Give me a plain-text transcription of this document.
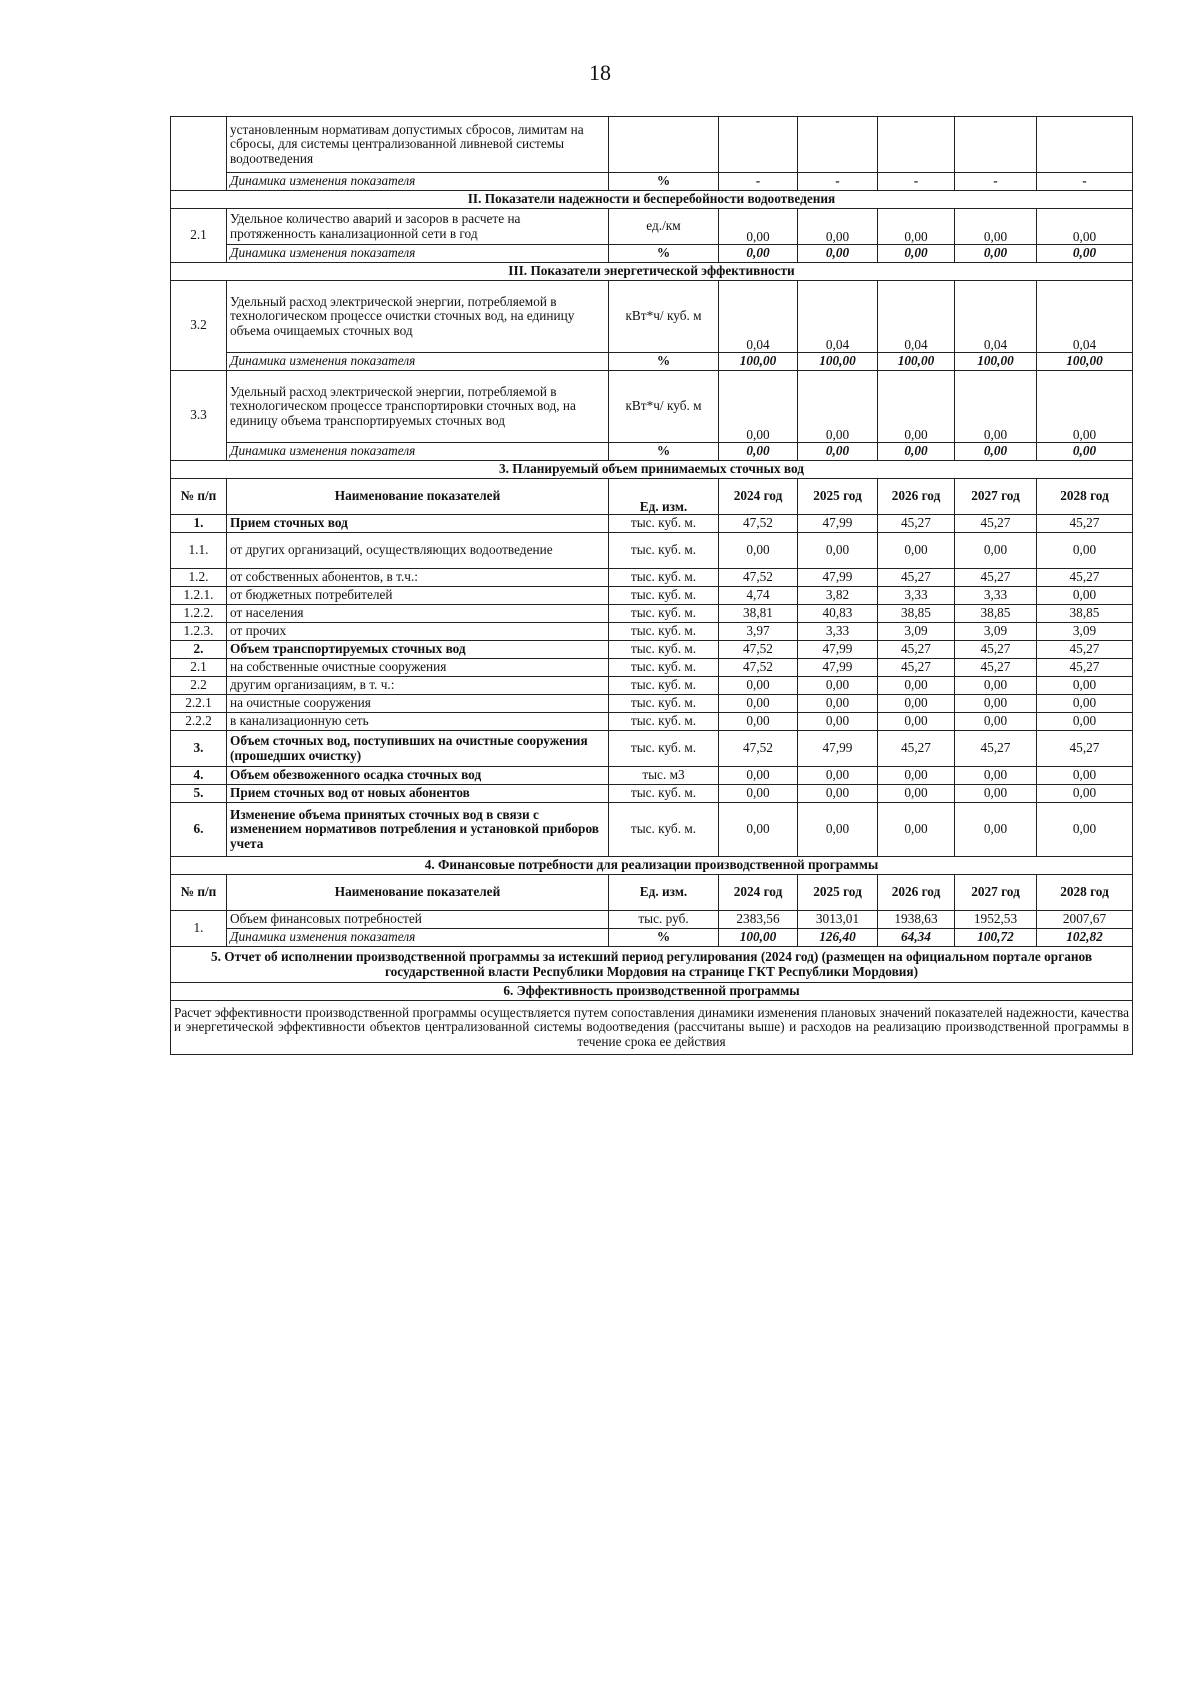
18
	установленным нормативам допустимых сбросов, лимитам на сбросы, для системы централизованной ливневой системы водоотведения						
	Динамика изменения показателя	%	-	-	-	-	-
II. Показатели надежности и бесперебойности водоотведения							
2.1	Удельное количество аварий и засоров в расчете на протяженность канализационной сети в год	ед./км	0,00	0,00	0,00	0,00	0,00
	Динамика изменения показателя	%	0,00	0,00	0,00	0,00	0,00
III. Показатели энергетической эффективности							
3.2	Удельный расход электрической энергии, потребляемой в технологическом процессе очистки сточных вод, на единицу объема очищаемых сточных вод	кВт*ч/ куб. м	0,04	0,04	0,04	0,04	0,04
	Динамика изменения показателя	%	100,00	100,00	100,00	100,00	100,00
3.3	Удельный расход электрической энергии, потребляемой в технологическом процессе транспортировки сточных вод, на единицу объема транспортируемых сточных вод	кВт*ч/ куб. м	0,00	0,00	0,00	0,00	0,00
	Динамика изменения показателя	%	0,00	0,00	0,00	0,00	0,00
3. Планируемый объем принимаемых сточных вод							
№ п/п	Наименование показателей	Ед. изм.	2024 год	2025 год	2026 год	2027 год	2028 год
1.	Прием сточных вод	тыс. куб. м.	47,52	47,99	45,27	45,27	45,27
1.1.	от других организаций, осуществляющих водоотведение	тыс. куб. м.	0,00	0,00	0,00	0,00	0,00
1.2.	от собственных абонентов, в т.ч.:	тыс. куб. м.	47,52	47,99	45,27	45,27	45,27
1.2.1.	от бюджетных потребителей	тыс. куб. м.	4,74	3,82	3,33	3,33	0,00
1.2.2.	от населения	тыс. куб. м.	38,81	40,83	38,85	38,85	38,85
1.2.3.	от прочих	тыс. куб. м.	3,97	3,33	3,09	3,09	3,09
2.	Объем транспортируемых сточных вод	тыс. куб. м.	47,52	47,99	45,27	45,27	45,27
2.1	на собственные очистные сооружения	тыс. куб. м.	47,52	47,99	45,27	45,27	45,27
2.2	другим организациям, в т. ч.:	тыс. куб. м.	0,00	0,00	0,00	0,00	0,00
2.2.1	на очистные сооружения	тыс. куб. м.	0,00	0,00	0,00	0,00	0,00
2.2.2	в канализационную сеть	тыс. куб. м.	0,00	0,00	0,00	0,00	0,00
3.	Объем сточных вод, поступивших на очистные сооружения (прошедших очистку)	тыс. куб. м.	47,52	47,99	45,27	45,27	45,27
4.	Объем обезвоженного осадка сточных вод	тыс. м3	0,00	0,00	0,00	0,00	0,00
5.	Прием сточных вод от новых абонентов	тыс. куб. м.	0,00	0,00	0,00	0,00	0,00
6.	Изменение объема принятых сточных вод в связи с изменением нормативов потребления и установкой приборов учета	тыс. куб. м.	0,00	0,00	0,00	0,00	0,00
4. Финансовые потребности для реализации производственной программы							
№ п/п	Наименование показателей	Ед. изм.	2024 год	2025 год	2026 год	2027 год	2028 год
1.	Объем финансовых потребностей	тыс. руб.	2383,56	3013,01	1938,63	1952,53	2007,67
	Динамика изменения показателя	%	100,00	126,40	64,34	100,72	102,82
5. Отчет об исполнении производственной программы за истекший период регулирования (2024 год) (размещен на официальном портале органов государственной власти Республики Мордовия на странице ГКТ Республики Мордовия)							
6. Эффективность производственной программы							
Расчет эффективности производственной программы осуществляется путем сопоставления динамики изменения плановых значений показателей надежности, качества и энергетической эффективности объектов централизованной системы водоотведения (рассчитаны выше) и расходов на реализацию производственной программы в течение срока ее действия							
